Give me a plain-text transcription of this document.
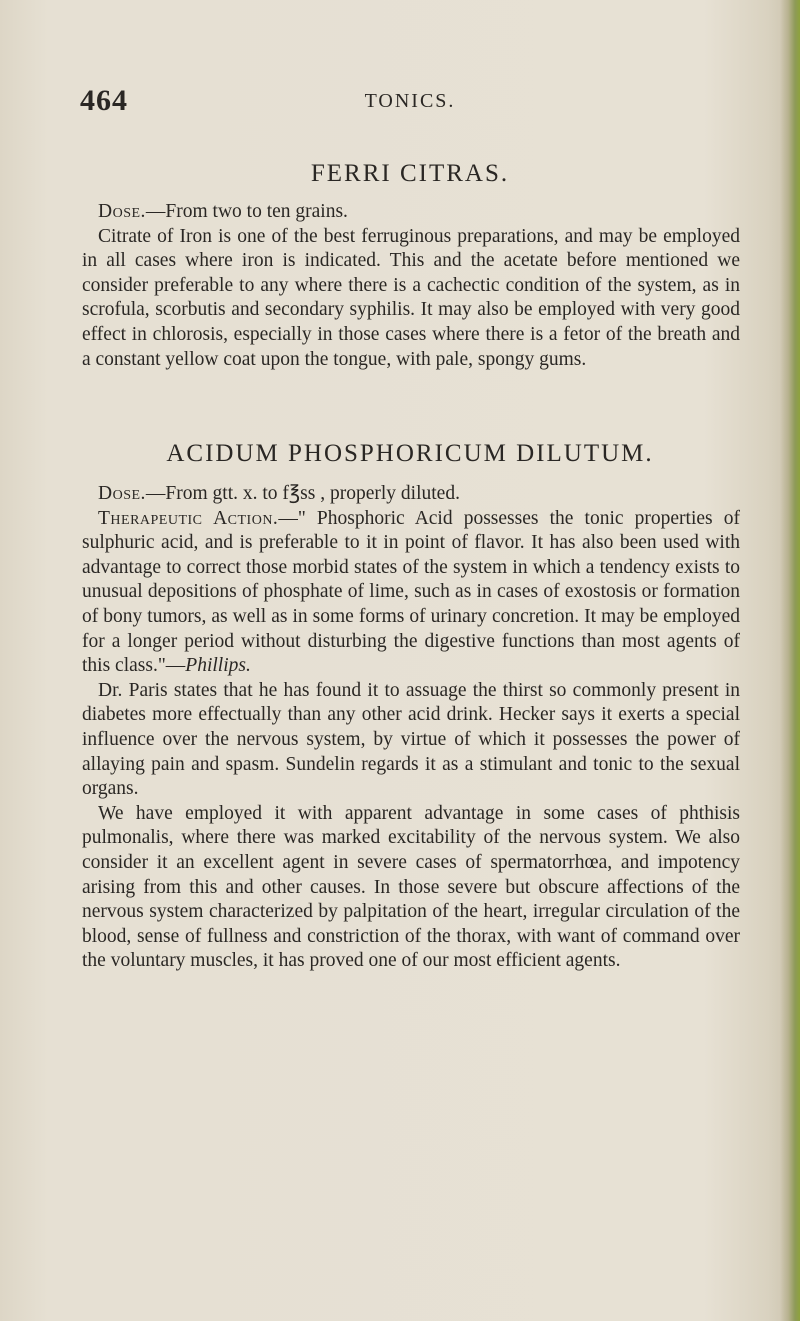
464	TONICS.
FERRI CITRAS.

Dose.—From two to ten grains.

Citrate of Iron is one of the best ferruginous preparations, and may be employed in all cases where iron is indicated. This and the acetate before mentioned we consider preferable to any where there is a cachectic condition of the system, as in scrofula, scorbutis and secondary syphilis. It may also be employed with very good effect in chlorosis, especially in those cases where there is a fetor of the breath and a constant yellow coat upon the tongue, with pale, spongy gums.

ACIDUM PHOSPHORICUM DILUTUM.

Dose.—From gtt. x. to f℥ss , properly diluted.

Therapeutic Action.—" Phosphoric Acid possesses the tonic properties of sulphuric acid, and is preferable to it in point of flavor. It has also been used with advantage to correct those morbid states of the system in which a tendency exists to unusual depositions of phosphate of lime, such as in cases of exostosis or formation of bony tumors, as well as in some forms of urinary concretion. It may be employed for a longer period without disturbing the digestive functions than most agents of this class."—Phillips.

Dr. Paris states that he has found it to assuage the thirst so commonly present in diabetes more effectually than any other acid drink. Hecker says it exerts a special influence over the nervous system, by virtue of which it possesses the power of allaying pain and spasm. Sundelin regards it as a stimulant and tonic to the sexual organs.

We have employed it with apparent advantage in some cases of phthisis pulmonalis, where there was marked excitability of the nervous system. We also consider it an excellent agent in severe cases of spermatorrhœa, and impotency arising from this and other causes. In those severe but obscure affections of the nervous system characterized by palpitation of the heart, irregular circulation of the blood, sense of fullness and constriction of the thorax, with want of command over the voluntary muscles, it has proved one of our most efficient agents.
